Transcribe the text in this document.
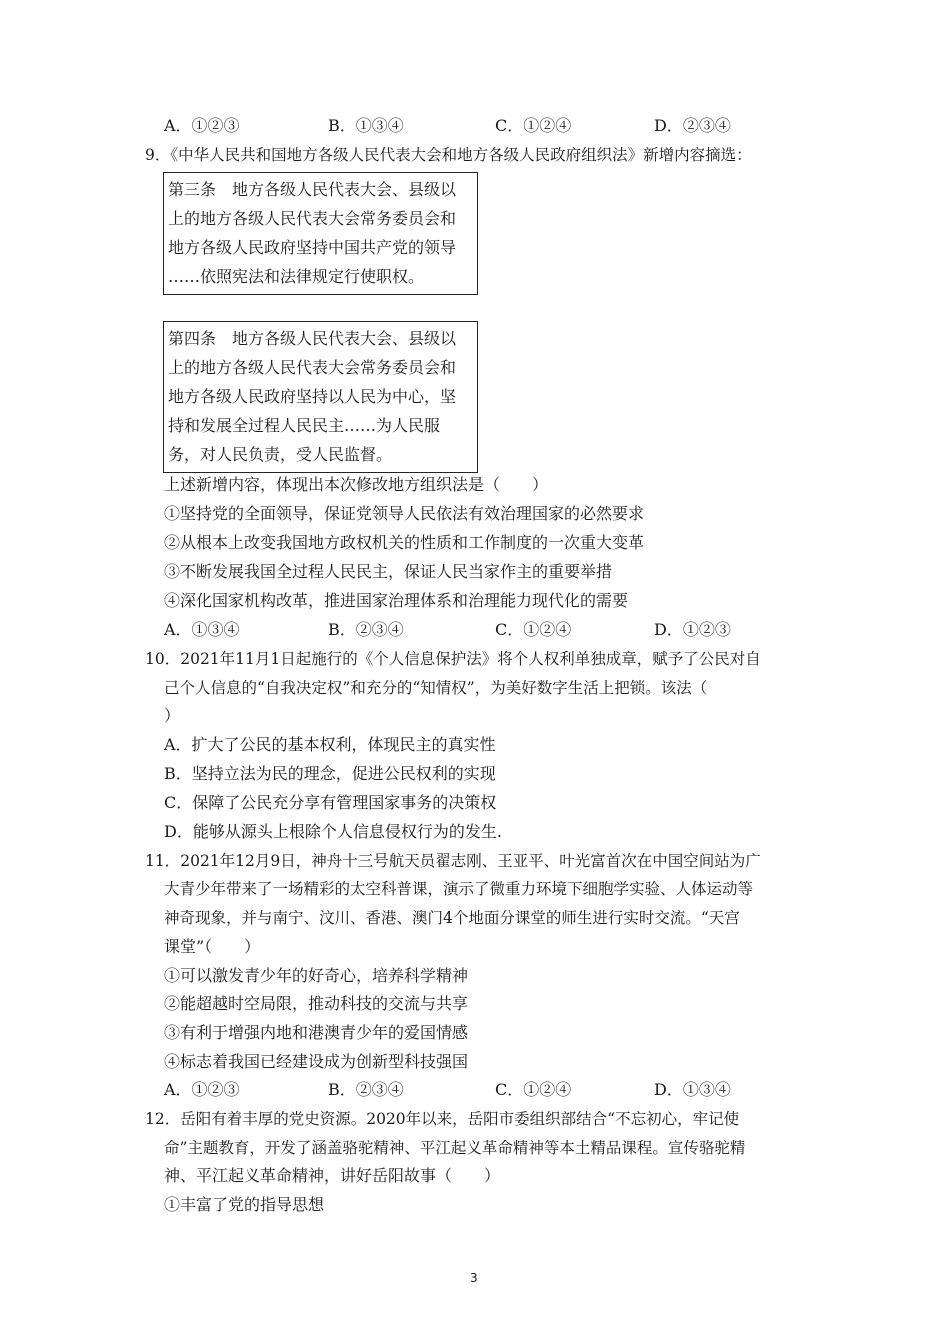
A．①②③	B．①③④	C．①②④	D．②③④
9．《中华人民共和国地方各级人民代表大会和地方各级人民政府组织法》新增内容摘选：
第三条　地方各级人民代表大会、县级以
上的地方各级人民代表大会常务委员会和
地方各级人民政府坚持中国共产党的领导
……依照宪法和法律规定行使职权。
第四条　地方各级人民代表大会、县级以
上的地方各级人民代表大会常务委员会和
地方各级人民政府坚持以人民为中心，坚
持和发展全过程人民民主……为人民服
务，对人民负责，受人民监督。
上述新增内容，体现出本次修改地方组织法是（　　）
①坚持党的全面领导，保证党领导人民依法有效治理国家的必然要求
②从根本上改变我国地方政权机关的性质和工作制度的一次重大变革
③不断发展我国全过程人民民主，保证人民当家作主的重要举措
④深化国家机构改革，推进国家治理体系和治理能力现代化的需要
A．①③④	B．②③④	C．①②④	D．①②③
10．2021年11月1日起施行的《个人信息保护法》将个人权利单独成章，赋予了公民对自
己个人信息的“自我决定权”和充分的“知情权”，为美好数字生活上把锁。该法（
）
A．扩大了公民的基本权利，体现民主的真实性
B．坚持立法为民的理念，促进公民权利的实现
C．保障了公民充分享有管理国家事务的决策权
D．能够从源头上根除个人信息侵权行为的发生.
11．2021年12月9日，神舟十三号航天员翟志刚、王亚平、叶光富首次在中国空间站为广
大青少年带来了一场精彩的太空科普课，演示了微重力环境下细胞学实验、人体运动等
神奇现象，并与南宁、汶川、香港、澳门4个地面分课堂的师生进行实时交流。“天宫
课堂”（　　）
①可以激发青少年的好奇心，培养科学精神
②能超越时空局限，推动科技的交流与共享
③有利于增强内地和港澳青少年的爱国情感
④标志着我国已经建设成为创新型科技强国
A．①②③	B．②③④	C．①②④	D．①③④
12．岳阳有着丰厚的党史资源。2020年以来，岳阳市委组织部结合“不忘初心，牢记使
命”主题教育，开发了涵盖骆驼精神、平江起义革命精神等本土精品课程。宣传骆驼精
神、平江起义革命精神，讲好岳阳故事（　　）
①丰富了党的指导思想
3
